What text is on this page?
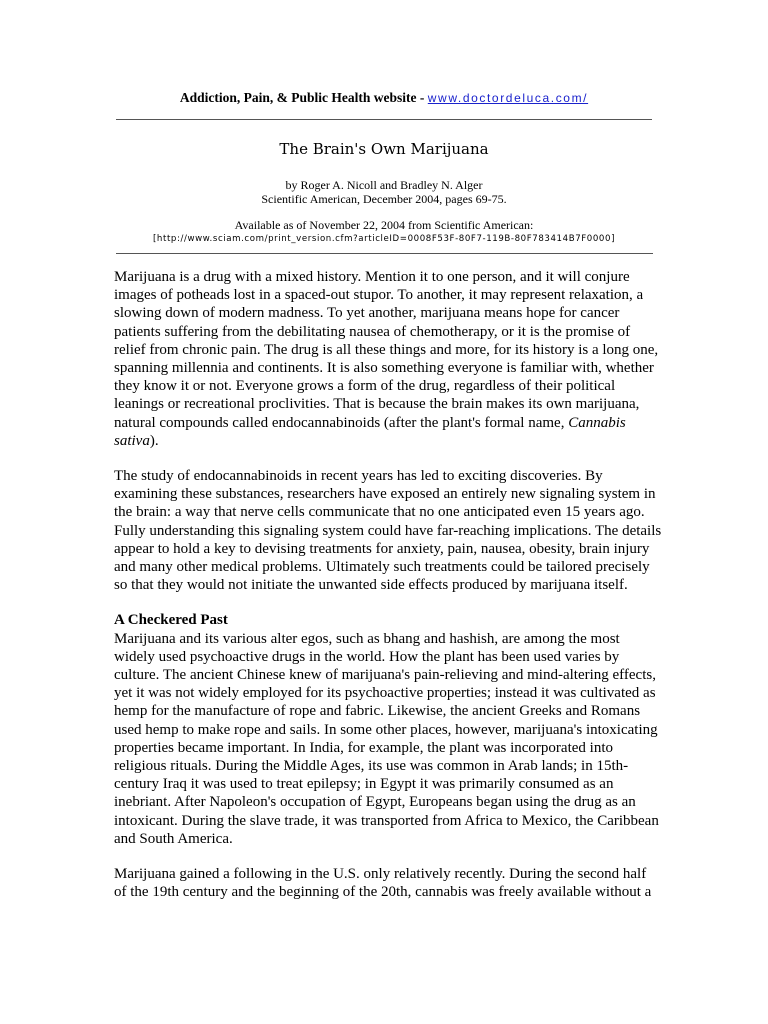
Addiction, Pain, & Public Health website - www.doctordeluca.com/
The Brain's Own Marijuana
by Roger A. Nicoll and Bradley N. Alger
Scientific American, December 2004, pages 69-75.
Available as of November 22, 2004 from Scientific American:
[http://www.sciam.com/print_version.cfm?articleID=0008F53F-80F7-119B-80F783414B7F0000]

Marijuana is a drug with a mixed history. Mention it to one person, and it will conjure images of potheads lost in a spaced-out stupor. To another, it may represent relaxation, a slowing down of modern madness. To yet another, marijuana means hope for cancer patients suffering from the debilitating nausea of chemotherapy, or it is the promise of relief from chronic pain. The drug is all these things and more, for its history is a long one, spanning millennia and continents. It is also something everyone is familiar with, whether they know it or not. Everyone grows a form of the drug, regardless of their political leanings or recreational proclivities. That is because the brain makes its own marijuana, natural compounds called endocannabinoids (after the plant's formal name, Cannabis sativa).

The study of endocannabinoids in recent years has led to exciting discoveries. By examining these substances, researchers have exposed an entirely new signaling system in the brain: a way that nerve cells communicate that no one anticipated even 15 years ago. Fully understanding this signaling system could have far-reaching implications. The details appear to hold a key to devising treatments for anxiety, pain, nausea, obesity, brain injury and many other medical problems. Ultimately such treatments could be tailored precisely so that they would not initiate the unwanted side effects produced by marijuana itself.

A Checkered Past

Marijuana and its various alter egos, such as bhang and hashish, are among the most widely used psychoactive drugs in the world. How the plant has been used varies by culture. The ancient Chinese knew of marijuana's pain-relieving and mind-altering effects, yet it was not widely employed for its psychoactive properties; instead it was cultivated as hemp for the manufacture of rope and fabric. Likewise, the ancient Greeks and Romans used hemp to make rope and sails. In some other places, however, marijuana's intoxicating properties became important. In India, for example, the plant was incorporated into religious rituals. During the Middle Ages, its use was common in Arab lands; in 15th-century Iraq it was used to treat epilepsy; in Egypt it was primarily consumed as an inebriant. After Napoleon's occupation of Egypt, Europeans began using the drug as an intoxicant. During the slave trade, it was transported from Africa to Mexico, the Caribbean and South America.

Marijuana gained a following in the U.S. only relatively recently. During the second half of the 19th century and the beginning of the 20th, cannabis was freely available without a
